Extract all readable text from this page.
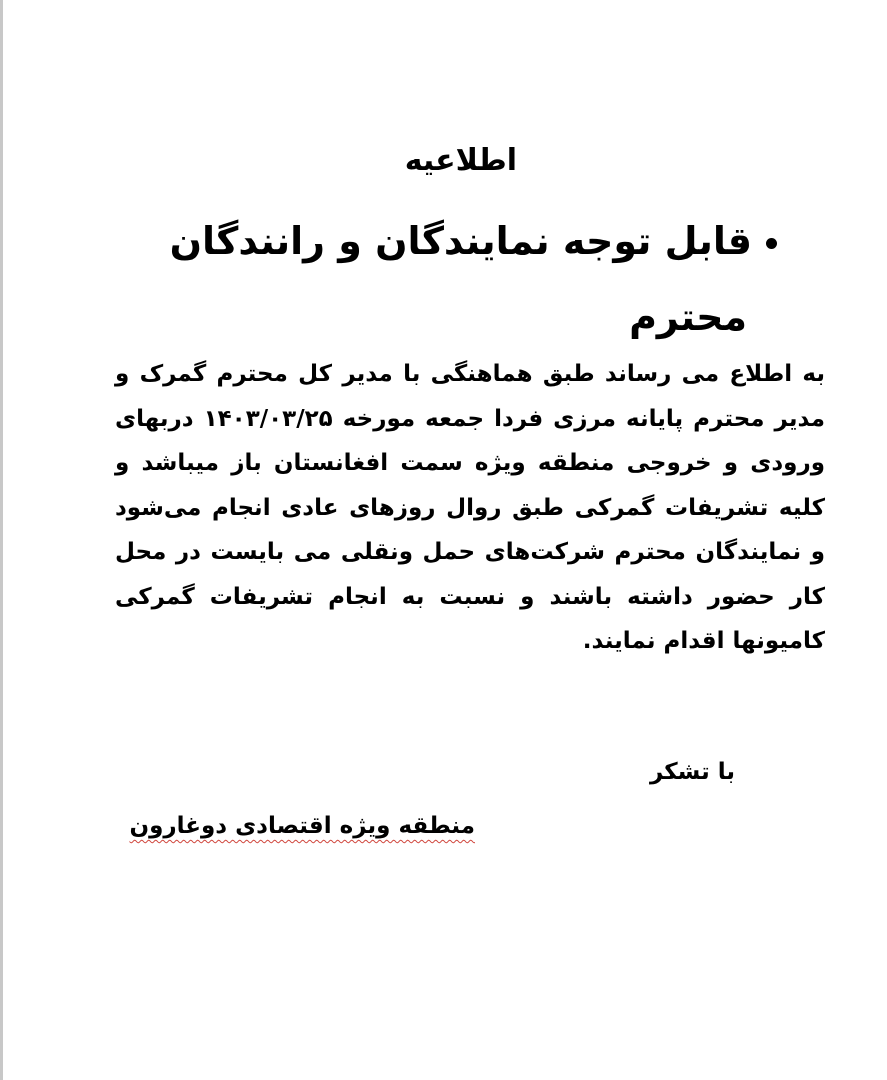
اطلاعیه
قابل توجه نمایندگان و رانندگان
محترم
به اطلاع می رساند طبق هماهنگی با مدیر کل محترم گمرک و مدیر محترم پایانه مرزی فردا جمعه مورخه ۱۴۰۳/۰۳/۲۵ دربهای ورودی و خروجی منطقه ویژه سمت افغانستان باز میباشد و کلیه تشریفات گمرکی طبق روال روزهای عادی انجام می‌شود و نمایندگان محترم شرکت‌های حمل ونقلی می بایست در محل کار حضور داشته باشند و نسبت به انجام تشریفات گمرکی کامیونها اقدام نمایند.
با تشکر
منطقه ویژه اقتصادی دوغارون
